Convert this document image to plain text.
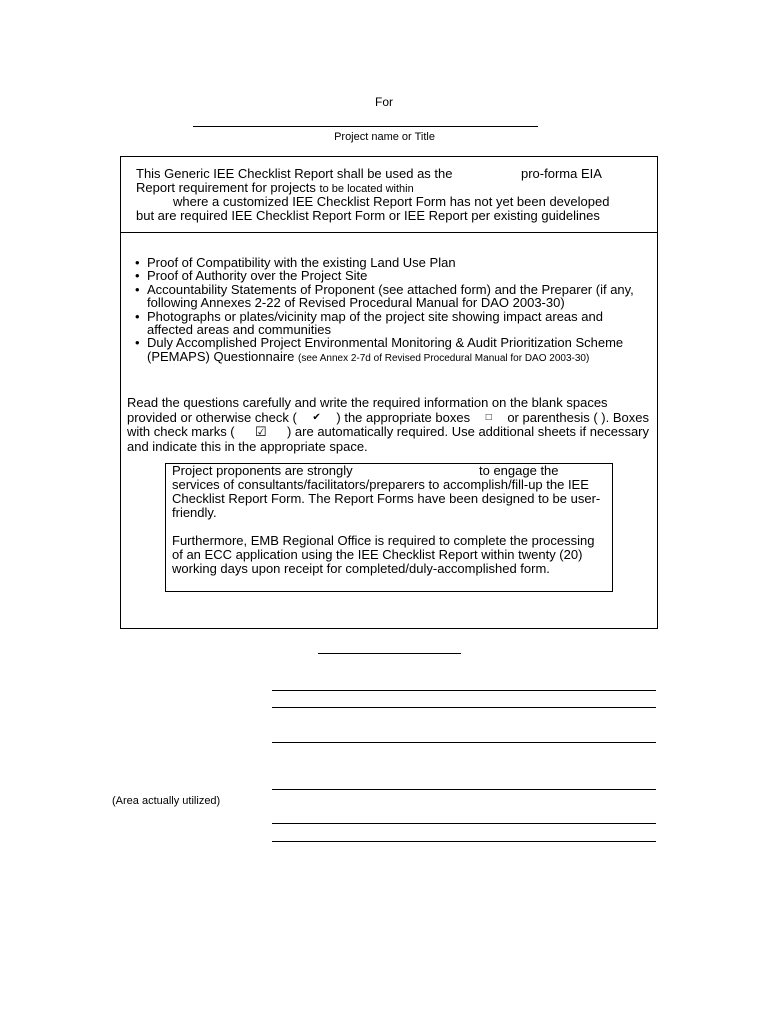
For
Project name or Title
This Generic IEE Checklist Report shall be used as the	pro-forma EIA
Report requirement for projects to be located within
where a customized IEE Checklist Report Form has not yet been developed
but are required IEE Checklist Report Form or IEE Report per existing guidelines
• Proof of Compatibility with the existing Land Use Plan
• Proof of Authority over the Project Site
• Accountability Statements of Proponent (see attached form) and the Preparer (if any, following Annexes 2-22 of Revised Procedural Manual for DAO 2003-30)
• Photographs or plates/vicinity map of the project site showing impact areas and affected areas and communities
• Duly Accomplished Project Environmental Monitoring & Audit Prioritization Scheme (PEMAPS) Questionnaire (see Annex 2-7d of Revised Procedural Manual for DAO 2003-30)
Read the questions carefully and write the required information on the blank spaces
provided or otherwise check ( ✔ ) the appropriate boxes □ or parenthesis ( ). Boxes
with check marks ( ☑ ) are automatically required. Use additional sheets if necessary
and indicate this in the appropriate space.
Project proponents are strongly	to engage the
services of consultants/facilitators/preparers to accomplish/fill-up the IEE Checklist Report Form. The Report Forms have been designed to be user-friendly.
Furthermore, EMB Regional Office is required to complete the processing of an ECC application using the IEE Checklist Report within twenty (20) working days upon receipt for completed/duly-accomplished form.
(Area actually utilized)
